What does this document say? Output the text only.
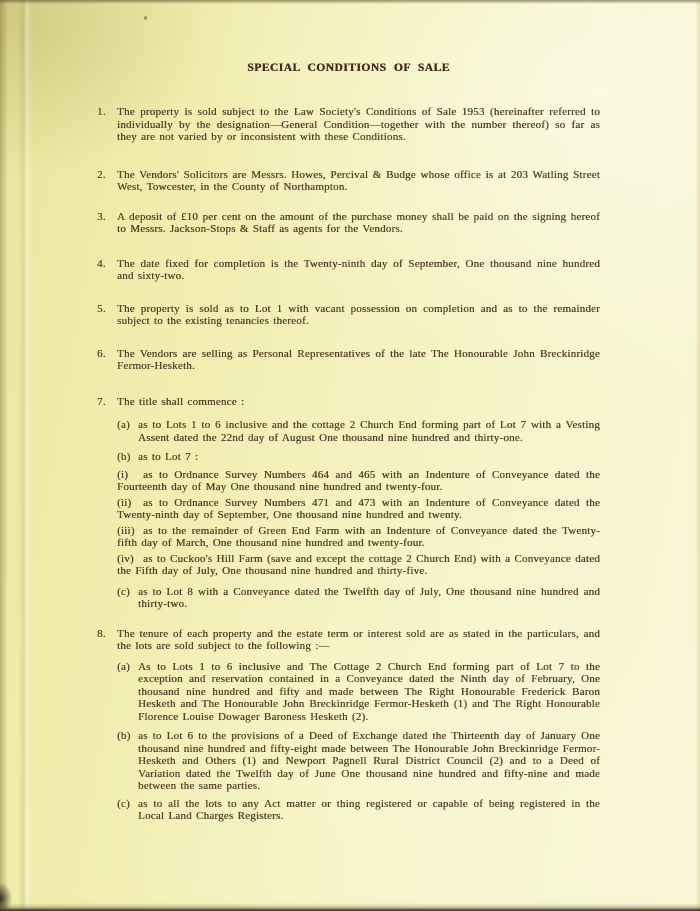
SPECIAL CONDITIONS OF SALE
1.	The property is sold subject to the Law Society's Conditions of Sale 1953 (hereinafter referred to individually by the designation—General Condition—together with the number thereof) so far as they are not varied by or inconsistent with these Conditions.

2.	The Vendors' Solicitors are Messrs. Howes, Percival & Budge whose office is at 203 Watling Street West, Towcester, in the County of Northampton.

3.	A deposit of £10 per cent on the amount of the purchase money shall be paid on the signing hereof to Messrs. Jackson-Stops & Staff as agents for the Vendors.

4.	The date fixed for completion is the Twenty-ninth day of September, One thousand nine hundred and sixty-two.

5.	The property is sold as to Lot 1 with vacant possession on completion and as to the remainder subject to the existing tenancies thereof.

6.	The Vendors are selling as Personal Representatives of the late The Honourable John Breckinridge Fermor-Hesketh.

7.	The title shall commence :

(a) as to Lots 1 to 6 inclusive and the cottage 2 Church End forming part of Lot 7 with a Vesting Assent dated the 22nd day of August One thousand nine hundred and thirty-one.

(b) as to Lot 7 :

(i) as to Ordnance Survey Numbers 464 and 465 with an Indenture of Conveyance dated the Fourteenth day of May One thousand nine hundred and twenty-four.

(ii) as to Ordnance Survey Numbers 471 and 473 with an Indenture of Conveyance dated the Twenty-ninth day of September, One thousand nine hundred and twenty.

(iii) as to the remainder of Green End Farm with an Indenture of Conveyance dated the Twenty-fifth day of March, One thousand nine hundred and twenty-four.

(iv) as to Cuckoo's Hill Farm (save and except the cottage 2 Church End) with a Conveyance dated the Fifth day of July, One thousand nine hundred and thirty-five.

(c) as to Lot 8 with a Conveyance dated the Twelfth day of July, One thousand nine hundred and thirty-two.

8.	The tenure of each property and the estate term or interest sold are as stated in the particulars, and the lots are sold subject to the following :—

(a) As to Lots 1 to 6 inclusive and The Cottage 2 Church End forming part of Lot 7 to the exception and reservation contained in a Conveyance dated the Ninth day of February, One thousand nine hundred and fifty and made between The Right Honourable Frederick Baron Hesketh and The Honourable John Breckinridge Fermor-Hesketh (1) and The Right Honourable Florence Louise Dowager Baroness Hesketh (2).

(b) as to Lot 6 to the provisions of a Deed of Exchange dated the Thirteenth day of January One thousand nine hundred and fifty-eight made between The Honourable John Breckinridge Fermor-Hesketh and Others (1) and Newport Pagnell Rural District Council (2) and to a Deed of Variation dated the Twelfth day of June One thousand nine hundred and fifty-nine and made between the same parties.

(c) as to all the lots to any Act matter or thing registered or capable of being registered in the Local Land Charges Registers.
